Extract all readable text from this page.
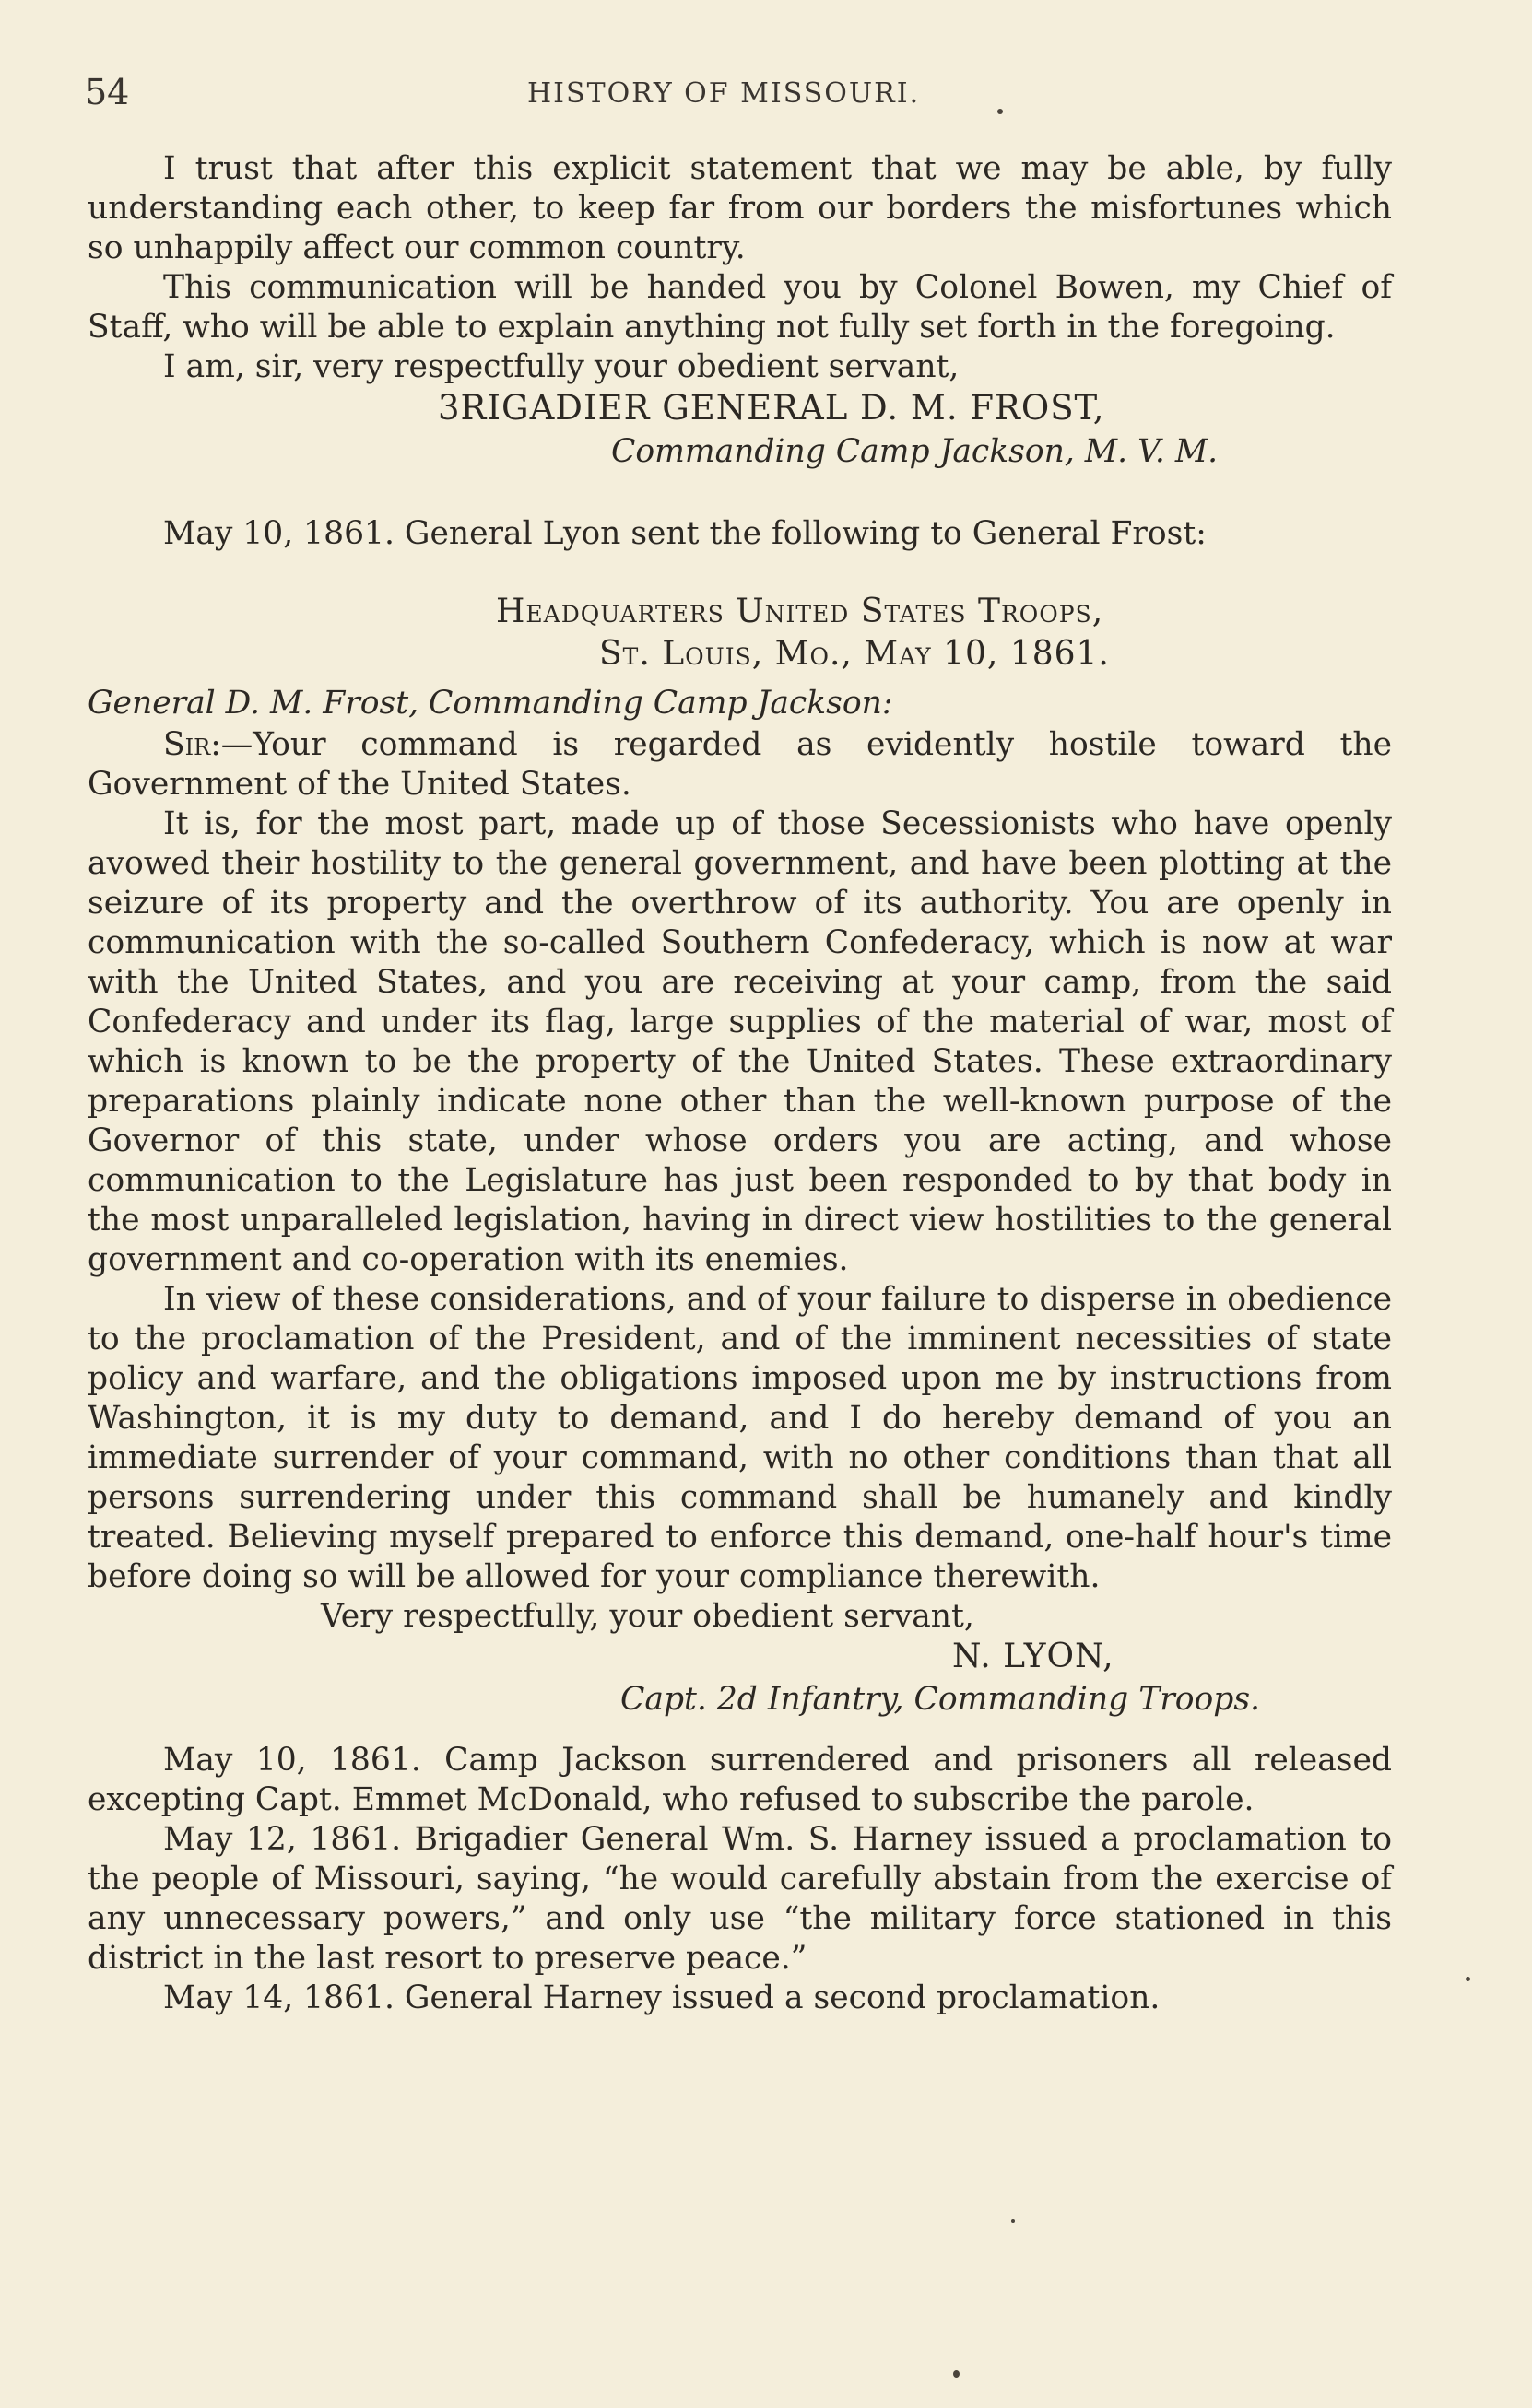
54	HISTORY OF MISSOURI.

I trust that after this explicit statement that we may be able, by fully understanding each other, to keep far from our borders the misfortunes which so unhappily affect our common country.

This communication will be handed you by Colonel Bowen, my Chief of Staff, who will be able to explain anything not fully set forth in the foregoing.

I am, sir, very respectfully your obedient servant,

3RIGADIER GENERAL D. M. FROST,

Commanding Camp Jackson, M. V. M.

May 10, 1861. General Lyon sent the following to General Frost:

Headquarters United States Troops,

St. Louis, Mo., May 10, 1861.

General D. M. Frost, Commanding Camp Jackson:

Sir:—Your command is regarded as evidently hostile toward the Government of the United States.

It is, for the most part, made up of those Secessionists who have openly avowed their hostility to the general government, and have been plotting at the seizure of its property and the overthrow of its authority. You are openly in communication with the so-called Southern Confederacy, which is now at war with the United States, and you are receiving at your camp, from the said Confederacy and under its flag, large supplies of the material of war, most of which is known to be the property of the United States. These extraordinary preparations plainly indicate none other than the well-known purpose of the Governor of this state, under whose orders you are acting, and whose communication to the Legislature has just been responded to by that body in the most unparalleled legislation, having in direct view hostilities to the general government and co-operation with its enemies.

In view of these considerations, and of your failure to disperse in obedience to the proclamation of the President, and of the imminent necessities of state policy and warfare, and the obligations imposed upon me by instructions from Washington, it is my duty to demand, and I do hereby demand of you an immediate surrender of your command, with no other conditions than that all persons surrendering under this command shall be humanely and kindly treated. Believing myself prepared to enforce this demand, one-half hour's time before doing so will be allowed for your compliance therewith.

Very respectfully, your obedient servant,

N. LYON,

Capt. 2d Infantry, Commanding Troops.

May 10, 1861. Camp Jackson surrendered and prisoners all released excepting Capt. Emmet McDonald, who refused to subscribe the parole.

May 12, 1861. Brigadier General Wm. S. Harney issued a proclamation to the people of Missouri, saying, “he would carefully abstain from the exercise of any unnecessary powers,” and only use “the military force stationed in this district in the last resort to preserve peace.”

May 14, 1861. General Harney issued a second proclamation.
